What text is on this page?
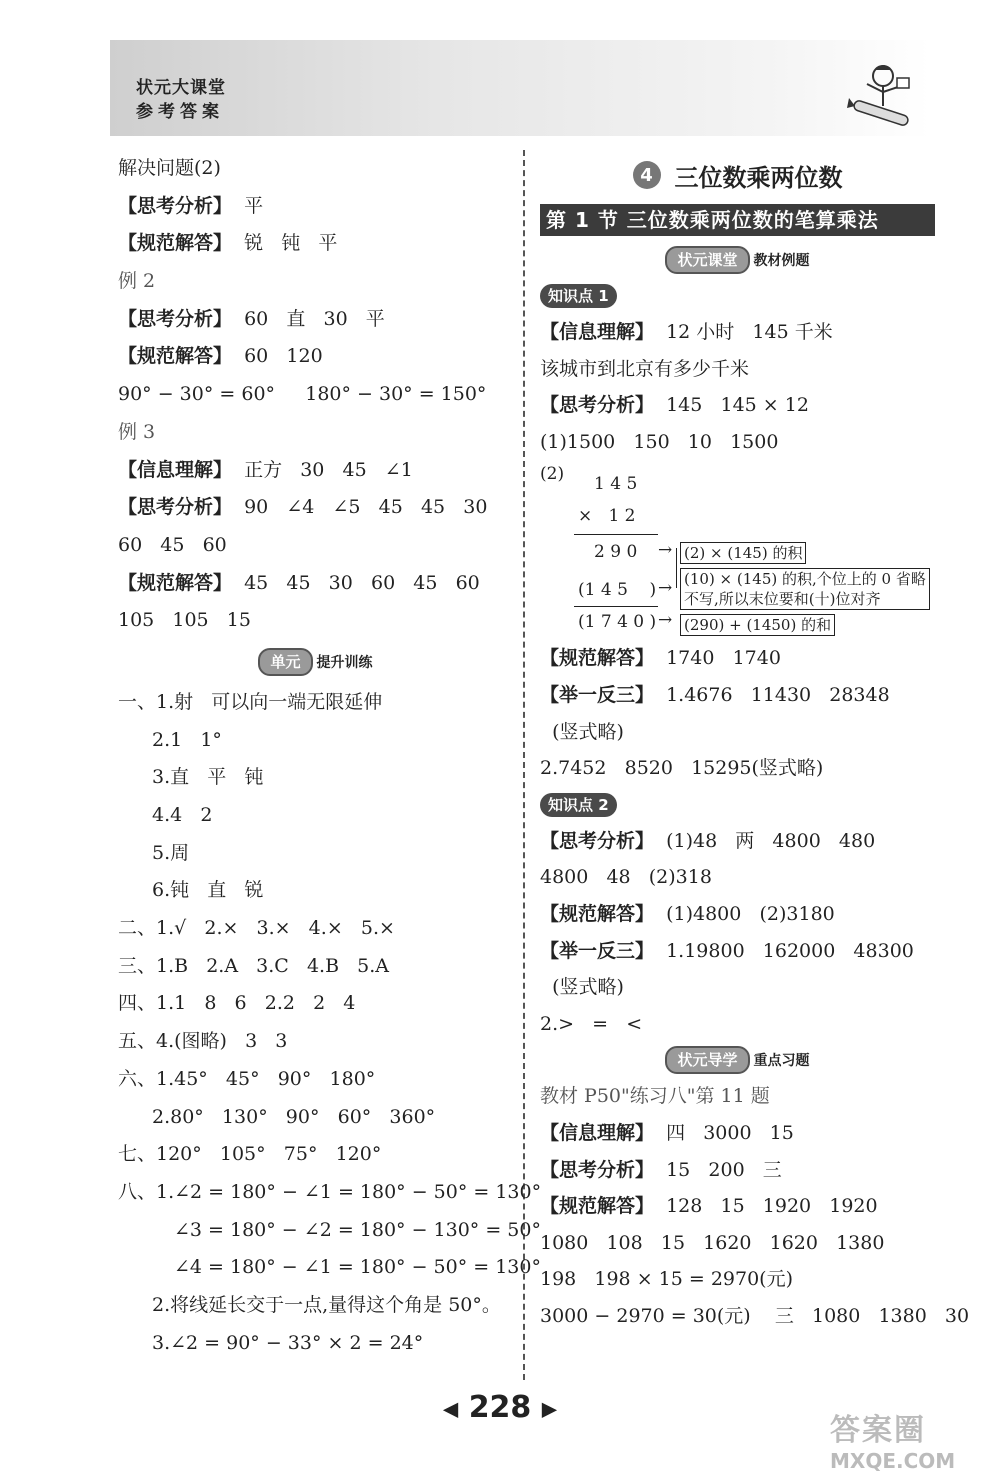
状元大课堂
参考答案
解决问题(2)
【思考分析】  平
【规范解答】  锐   钝   平
例 2
【思考分析】  60   直   30   平
【规范解答】  60   120
90° − 30° = 60°     180° − 30° = 150°
例 3
【信息理解】  正方   30   45   ∠1
【思考分析】  90   ∠4   ∠5   45   45   30
60   45   60
【规范解答】  45   45   30   60   45   60
105   105   15
单元	提升训练
一、1.射   可以向一端无限延伸
2.1   1°
3.直   平   钝
4.4   2
5.周
6.钝   直   锐
二、1.√   2.×   3.×   4.×   5.×
三、1.B   2.A   3.C   4.B   5.A
四、1.1   8   6   2.2   2   4
五、4.(图略)   3   3
六、1.45°   45°   90°   180°
2.80°   130°   90°   60°   360°
七、120°   105°   75°   120°
八、1.∠2 = 180° − ∠1 = 180° − 50° = 130°
∠3 = 180° − ∠2 = 180° − 130° = 50°
∠4 = 180° − ∠1 = 180° − 50° = 130°
2.将线延长交于一点,量得这个角是 50°。
3.∠2 = 90° − 33° × 2 = 24°
4 三位数乘两位数
第 1 节 三位数乘两位数的笔算乘法
状元课堂	教材例题
知识点 1
【信息理解】  12 小时   145 千米
该城市到北京有多少千米
【思考分析】  145   145 × 12
(1)1500   150   10   1500
(2) 1 4 5
×   1 2
2 9 0
(1 4 5    )
(1 7 4 0 )
→
→
→
(2) × (145) 的积
(10) × (145) 的积,个位上的 0 省略
不写,所以末位要和(十)位对齐
(290) + (1450) 的和
【规范解答】  1740   1740
【举一反三】  1.4676   11430   28348
(竖式略)
2.7452   8520   15295(竖式略)
知识点 2
【思考分析】  (1)48   两   4800   480
4800   48   (2)318
【规范解答】  (1)4800   (2)3180
【举一反三】  1.19800   162000   48300
(竖式略)
2.>   =   <
状元导学	重点习题
教材 P50"练习八"第 11 题
【信息理解】  四   3000   15
【思考分析】  15   200   三
【规范解答】  128   15   1920   1920
1080   108   15   1620   1620   1380
198   198 × 15 = 2970(元)
3000 − 2970 = 30(元)    三   1080   1380   30
◀ 228 ▶
答案圈
MXQE.COM
